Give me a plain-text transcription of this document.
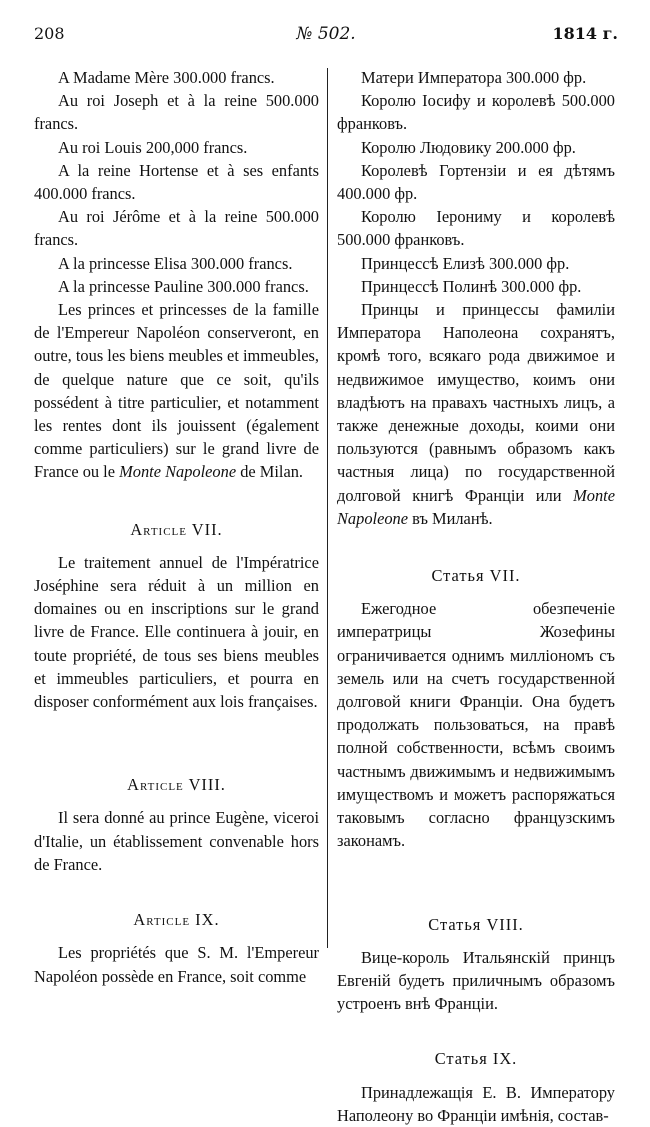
208	№ 502.	1814 г.

A Madame Mère 300.000 francs.

Au roi Joseph et à la reine 500.000 francs.

Au roi Louis 200,000 francs.

A la reine Hortense et à ses enfants 400.000 francs.

Au roi Jérôme et à la reine 500.000 francs.

A la princesse Elisa 300.000 francs.

A la princesse Pauline 300.000 francs.

Les princes et princesses de la famille de l'Empereur Napoléon conserveront, en outre, tous les biens meubles et immeubles, de quelque nature que ce soit, qu'ils possédent à titre particulier, et notamment les rentes dont ils jouissent (également comme particuliers) sur le grand livre de France ou le Monte Napoleone de Milan.

Article VII.

Le traitement annuel de l'Impératrice Joséphine sera réduit à un million en domaines ou en inscriptions sur le grand livre de France. Elle continuera à jouir, en toute propriété, de tous ses biens meubles et immeubles particuliers, et pourra en disposer conformément aux lois françaises.

Article VIII.

Il sera donné au prince Eugène, viceroi d'Italie, un établissement convenable hors de France.

Article IX.

Les propriétés que S. M. l'Empereur Napoléon possède en France, soit comme

Матери Императора 300.000 фр.

Королю Іосифу и королевѣ 500.000 франковъ.

Королю Людовику 200.000 фр.

Королевѣ Гортензіи и ея дѣтямъ 400.000 фр.

Королю Іерониму и королевѣ 500.000 франковъ.

Принцессѣ Елизѣ 300.000 фр.

Принцессѣ Полинѣ 300.000 фр.

Принцы и принцессы фамиліи Императора Наполеона сохранятъ, кромѣ того, всякаго рода движимое и недвижимое имущество, коимъ они владѣютъ на правахъ частныхъ лицъ, а также денежные доходы, коими они пользуются (равнымъ образомъ какъ частныя лица) по государственной долговой книгѣ Франціи или Monte Napoleone въ Миланѣ.

Статья VII.

Ежегодное обезпеченіе императрицы Жозефины ограничивается однимъ милліономъ съ земель или на счетъ государственной долговой книги Франціи. Она будетъ продолжать пользоваться, на правѣ полной собственности, всѣмъ своимъ частнымъ движимымъ и недвижимымъ имуществомъ и можетъ распоряжаться таковымъ согласно французскимъ законамъ.

Статья VIII.

Вице-король Итальянскій принцъ Евгеній будетъ приличнымъ образомъ устроенъ внѣ Франціи.

Статья IX.

Принадлежащія Е. В. Императору Наполеону во Франціи имѣнія, состав-
